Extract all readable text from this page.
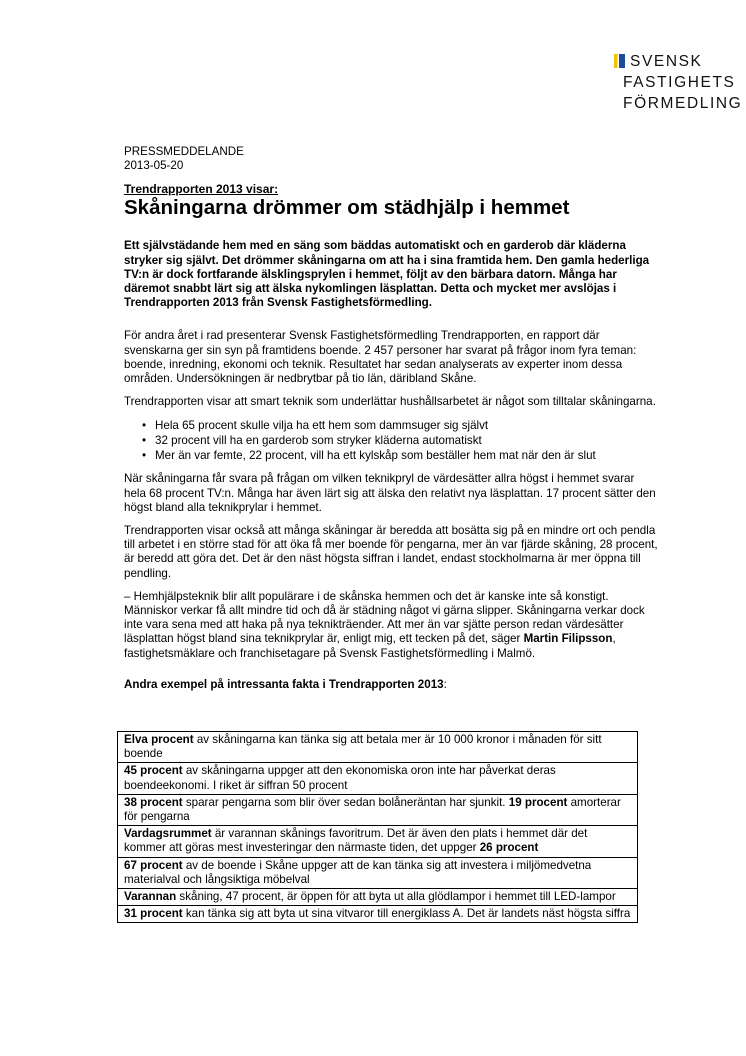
SVENSK
FASTIGHETS
FÖRMEDLING

PRESSMEDDELANDE

2013-05-20

Trendrapporten 2013 visar:

Skåningarna drömmer om städhjälp i hemmet

Ett självstädande hem med en säng som bäddas automatiskt och en garderob där kläderna stryker sig självt. Det drömmer skåningarna om att ha i sina framtida hem. Den gamla hederliga TV:n är dock fortfarande älsklingsprylen i hemmet, följt av den bärbara datorn. Många har däremot snabbt lärt sig att älska nykomlingen läsplattan. Detta och mycket mer avslöjas i Trendrapporten 2013 från Svensk Fastighetsförmedling.

För andra året i rad presenterar Svensk Fastighetsförmedling Trendrapporten, en rapport där svenskarna ger sin syn på framtidens boende. 2 457 personer har svarat på frågor inom fyra teman: boende, inredning, ekonomi och teknik. Resultatet har sedan analyserats av experter inom dessa områden. Undersökningen är nedbrytbar på tio län, däribland Skåne.

Trendrapporten visar att smart teknik som underlättar hushållsarbetet är något som tilltalar skåningarna.

• Hela 65 procent skulle vilja ha ett hem som dammsuger sig självt
• 32 procent vill ha en garderob som stryker kläderna automatiskt
• Mer än var femte, 22 procent, vill ha ett kylskåp som beställer hem mat när den är slut

När skåningarna får svara på frågan om vilken teknikpryl de värdesätter allra högst i hemmet svarar hela 68 procent TV:n. Många har även lärt sig att älska den relativt nya läsplattan. 17 procent sätter den högst bland alla teknikprylar i hemmet.

Trendrapporten visar också att många skåningar är beredda att bosätta sig på en mindre ort och pendla till arbetet i en större stad för att öka få mer boende för pengarna, mer än var fjärde skåning, 28 procent, är beredd att göra det. Det är den näst högsta siffran i landet, endast stockholmarna är mer öppna till pendling.

– Hemhjälpsteknik blir allt populärare i de skånska hemmen och det är kanske inte så konstigt. Människor verkar få allt mindre tid och då är städning något vi gärna slipper. Skåningarna verkar dock inte vara sena med att haka på nya teknikträender. Att mer än var sjätte person redan värdesätter läsplattan högst bland sina teknikprylar är, enligt mig, ett tecken på det, säger Martin Filipsson, fastighetsmäklare och franchisetagare på Svensk Fastighetsförmedling i Malmö.

Andra exempel på intressanta fakta i Trendrapporten 2013:

Elva procent av skåningarna kan tänka sig att betala mer är 10 000 kronor i månaden för sitt boende
45 procent av skåningarna uppger att den ekonomiska oron inte har påverkat deras boendeekonomi. I riket är siffran 50 procent
38 procent sparar pengarna som blir över sedan bolåneräntan har sjunkit. 19 procent amorterar för pengarna
Vardagsrummet är varannan skånings favoritrum. Det är även den plats i hemmet där det kommer att göras mest investeringar den närmaste tiden, det uppger 26 procent
67 procent av de boende i Skåne uppger att de kan tänka sig att investera i miljömedvetna materialval och långsiktiga möbelval
Varannan skåning, 47 procent, är öppen för att byta ut alla glödlampor i hemmet till LED-lampor
31 procent kan tänka sig att byta ut sina vitvaror till energiklass A. Det är landets näst högsta siffra
